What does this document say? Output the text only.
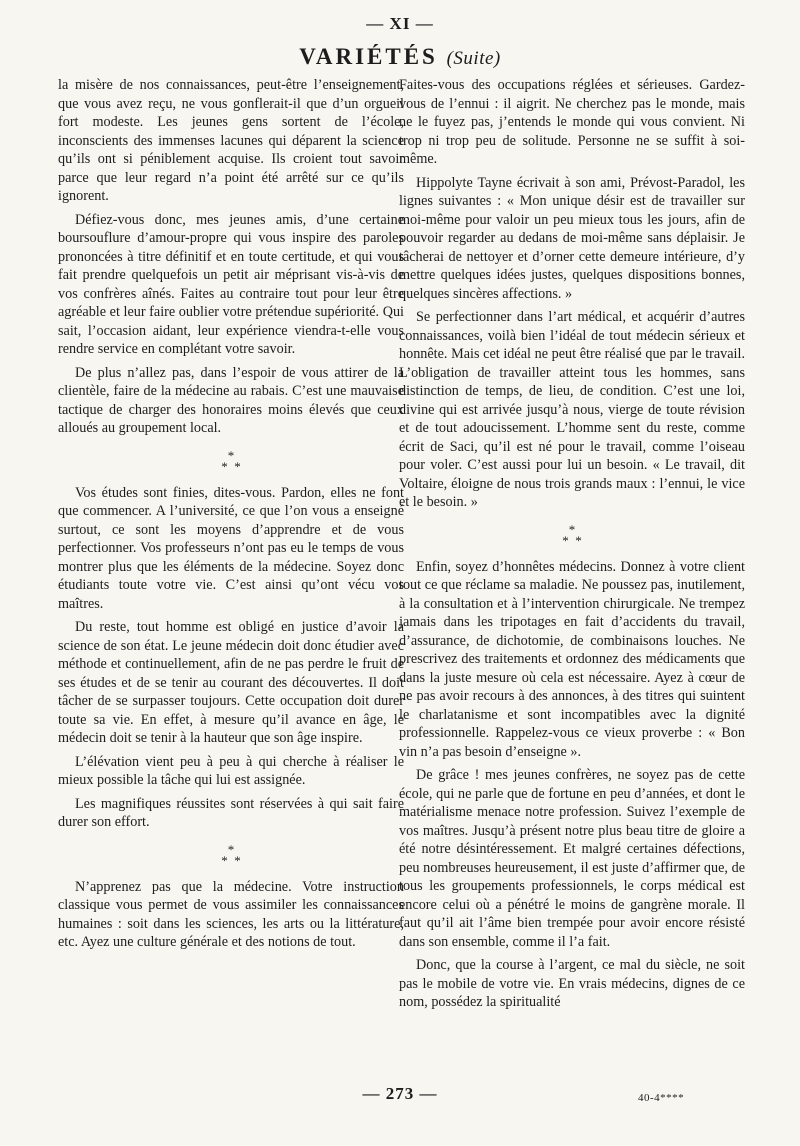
— XI —
VARIÉTÉS (Suite)

la misère de nos connaissances, peut-être l’enseignement, que vous avez reçu, ne vous gonflerait-il que d’un orgueil fort modeste. Les jeunes gens sortent de l’école, inconscients des immenses lacunes qui déparent la science qu’ils ont si péniblement acquise. Ils croient tout savoir parce que leur regard n’a point été arrêté sur ce qu’ils ignorent.

Défiez-vous donc, mes jeunes amis, d’une certaine boursouflure d’amour-propre qui vous inspire des paroles prononcées à titre définitif et en toute certitude, et qui vous fait prendre quelquefois un petit air méprisant vis-à-vis de vos confrères aînés. Faites au contraire tout pour leur être agréable et leur faire oublier votre prétendue supériorité. Qui sait, l’occasion aidant, leur expérience viendra-t-elle vous rendre service en complétant votre savoir.

De plus n’allez pas, dans l’espoir de vous attirer de la clientèle, faire de la médecine au rabais. C’est une mauvaise tactique de charger des honoraires moins élevés que ceux alloués au groupement local.

*
* *

Vos études sont finies, dites-vous. Pardon, elles ne font que commencer. A l’université, ce que l’on vous a enseigné surtout, ce sont les moyens d’apprendre et de vous perfectionner. Vos professeurs n’ont pas eu le temps de vous montrer plus que les éléments de la médecine. Soyez donc étudiants toute votre vie. C’est ainsi qu’ont vécu vos maîtres.

Du reste, tout homme est obligé en justice d’avoir la science de son état. Le jeune médecin doit donc étudier avec méthode et continuellement, afin de ne pas perdre le fruit de ses études et de se tenir au courant des découvertes. Il doit tâcher de se surpasser toujours. Cette occupation doit durer toute sa vie. En effet, à mesure qu’il avance en âge, le médecin doit se tenir à la hauteur que son âge inspire.

L’élévation vient peu à peu à qui cherche à réaliser le mieux possible la tâche qui lui est assignée.

Les magnifiques réussites sont réservées à qui sait faire durer son effort.

*
* *

N’apprenez pas que la médecine. Votre instruction classique vous permet de vous assimiler les connaissances humaines : soit dans les sciences, les arts ou la littérature, etc. Ayez une culture générale et des notions de tout.

Faites-vous des occupations réglées et sérieuses. Gardez-vous de l’ennui : il aigrit. Ne cherchez pas le monde, mais ne le fuyez pas, j’entends le monde qui vous convient. Ni trop ni trop peu de solitude. Personne ne se suffit à soi-même.

Hippolyte Tayne écrivait à son ami, Prévost-Paradol, les lignes suivantes : « Mon unique désir est de travailler sur moi-même pour valoir un peu mieux tous les jours, afin de pouvoir regarder au dedans de moi-même sans déplaisir. Je tâcherai de nettoyer et d’orner cette demeure intérieure, d’y mettre quelques idées justes, quelques dispositions bonnes, quelques sincères affections. »

Se perfectionner dans l’art médical, et acquérir d’autres connaissances, voilà bien l’idéal de tout médecin sérieux et honnête. Mais cet idéal ne peut être réalisé que par le travail. L’obligation de travailler atteint tous les hommes, sans distinction de temps, de lieu, de condition. C’est une loi, divine qui est arrivée jusqu’à nous, vierge de toute révision et de tout adoucissement. L’homme sent du reste, comme écrit de Saci, qu’il est né pour le travail, comme l’oiseau pour voler. C’est aussi pour lui un besoin. « Le travail, dit Voltaire, éloigne de nous trois grands maux : l’ennui, le vice et le besoin. »

*
* *

Enfin, soyez d’honnêtes médecins. Donnez à votre client tout ce que réclame sa maladie. Ne poussez pas, inutilement, à la consultation et à l’intervention chirurgicale. Ne trempez jamais dans les tripotages en fait d’accidents du travail, d’assurance, de dichotomie, de combinaisons louches. Ne prescrivez des traitements et ordonnez des médicaments que dans la juste mesure où cela est nécessaire. Ayez à cœur de ne pas avoir recours à des annonces, à des titres qui suintent le charlatanisme et sont incompatibles avec la dignité professionnelle. Rappelez-vous ce vieux proverbe : « Bon vin n’a pas besoin d’enseigne ».

De grâce ! mes jeunes confrères, ne soyez pas de cette école, qui ne parle que de fortune en peu d’années, et dont le matérialisme menace notre profession. Suivez l’exemple de vos maîtres. Jusqu’à présent notre plus beau titre de gloire a été notre désintéressement. Et malgré certaines défections, peu nombreuses heureusement, il est juste d’affirmer que, de tous les groupements professionnels, le corps médical est encore celui où a pénétré le moins de gangrène morale. Il faut qu’il ait l’âme bien trempée pour avoir encore résisté dans son ensemble, comme il l’a fait.

Donc, que la course à l’argent, ce mal du siècle, ne soit pas le mobile de votre vie. En vrais médecins, dignes de ce nom, possédez la spiritualité

— 273 —	40-4****
